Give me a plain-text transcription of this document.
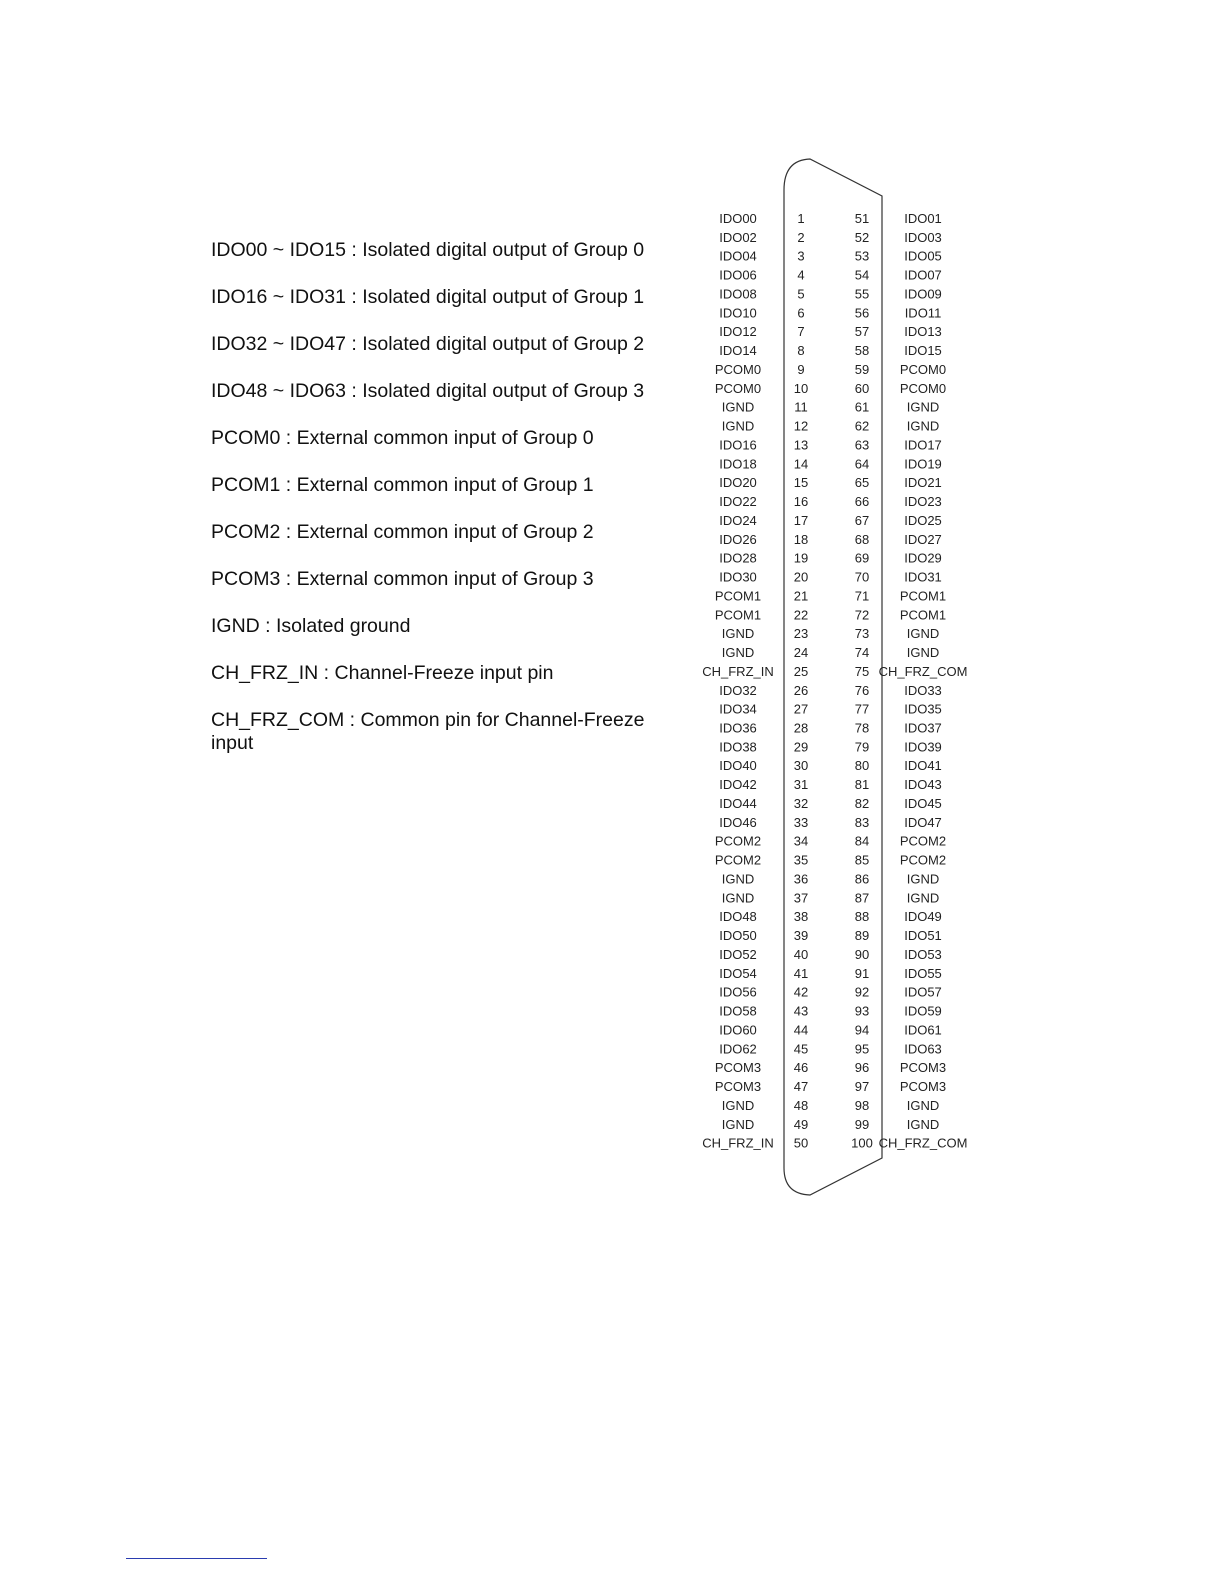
IDO00 ~ IDO15 : Isolated digital output of Group 0
IDO16 ~ IDO31 : Isolated digital output of Group 1
IDO32 ~ IDO47 : Isolated digital output of Group 2
IDO48 ~ IDO63 : Isolated digital output of Group 3
PCOM0 : External common input of Group 0
PCOM1 : External common input of Group 1
PCOM2 : External common input of Group 2
PCOM3 : External common input of Group 3
IGND : Isolated ground
CH_FRZ_IN : Channel-Freeze input pin
CH_FRZ_COM : Common pin for Channel-Freeze input
IDO00	1	51	IDO01
IDO02	2	52	IDO03
IDO04	3	53	IDO05
IDO06	4	54	IDO07
IDO08	5	55	IDO09
IDO10	6	56	IDO11
IDO12	7	57	IDO13
IDO14	8	58	IDO15
PCOM0	9	59 PCOM0
PCOM0	10	60 PCOM0
IGND	11	61	IGND
IGND	12	62	IGND
IDO16	13	63	IDO17
IDO18	14	64	IDO19
IDO20	15	65	IDO21
IDO22	16	66	IDO23
IDO24	17	67	IDO25
IDO26	18	68	IDO27
IDO28	19	69	IDO29
IDO30	20	70	IDO31
PCOM1	21	71 PCOM1
PCOM1	22	72 PCOM1
IGND	23	73	IGND
IGND	24	74	IGND
CH_FRZ_IN 25	75 CH_FRZ_COM
IDO32	26	76	IDO33
IDO34	27	77	IDO35
IDO36	28	78	IDO37
IDO38	29	79	IDO39
IDO40	30	80	IDO41
IDO42	31	81	IDO43
IDO44	32	82	IDO45
IDO46	33	83	IDO47
PCOM2	34	84 PCOM2
PCOM2	35	85 PCOM2
IGND	36	86	IGND
IGND	37	87	IGND
IDO48	38	88	IDO49
IDO50	39	89	IDO51
IDO52	40	90	IDO53
IDO54	41	91	IDO55
IDO56	42	92	IDO57
IDO58	43	93	IDO59
IDO60	44	94	IDO61
IDO62	45	95	IDO63
PCOM3	46	96 PCOM3
PCOM3	47	97 PCOM3
IGND	48	98	IGND
IGND	49	99	IGND
CH_FRZ_IN 50	100 CH_FRZ_COM
